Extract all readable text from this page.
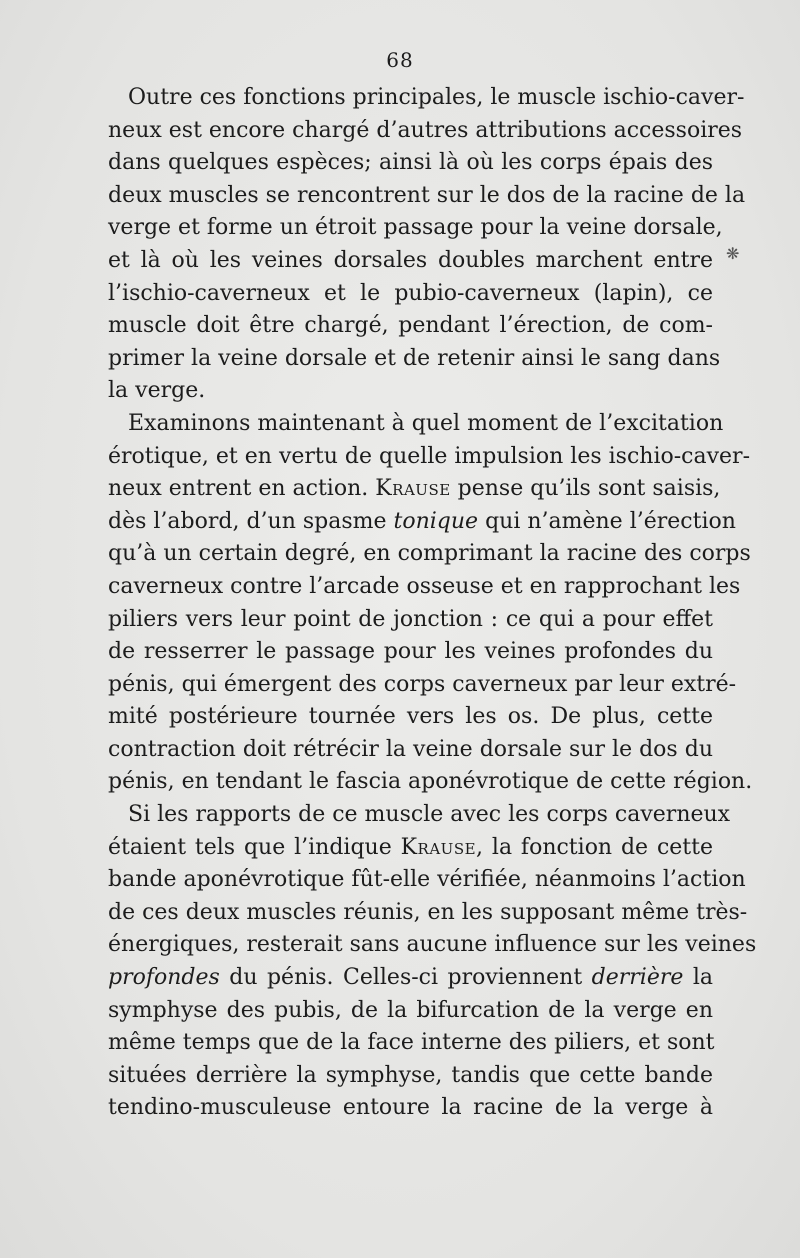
68
❋
Outre ces fonctions principales, le muscle ischio-caver-
neux est encore chargé d’autres attributions accessoires
dans quelques espèces; ainsi là où les corps épais des
deux muscles se rencontrent sur le dos de la racine de la
verge et forme un étroit passage pour la veine dorsale,
et là où les veines dorsales doubles marchent entre
l’ischio-caverneux et le pubio-caverneux (lapin), ce
muscle doit être chargé, pendant l’érection, de com-
primer la veine dorsale et de retenir ainsi le sang dans
la verge.
Examinons maintenant à quel moment de l’excitation
érotique, et en vertu de quelle impulsion les ischio-caver-
neux entrent en action. Krause pense qu’ils sont saisis,
dès l’abord, d’un spasme tonique qui n’amène l’érection
qu’à un certain degré, en comprimant la racine des corps
caverneux contre l’arcade osseuse et en rapprochant les
piliers vers leur point de jonction : ce qui a pour effet
de resserrer le passage pour les veines profondes du
pénis, qui émergent des corps caverneux par leur extré-
mité postérieure tournée vers les os. De plus, cette
contraction doit rétrécir la veine dorsale sur le dos du
pénis, en tendant le fascia aponévrotique de cette région.
Si les rapports de ce muscle avec les corps caverneux
étaient tels que l’indique Krause, la fonction de cette
bande aponévrotique fût-elle vérifiée, néanmoins l’action
de ces deux muscles réunis, en les supposant même très-
énergiques, resterait sans aucune influence sur les veines
profondes du pénis. Celles-ci proviennent derrière la
symphyse des pubis, de la bifurcation de la verge en
même temps que de la face interne des piliers, et sont
situées derrière la symphyse, tandis que cette bande
tendino-musculeuse entoure la racine de la verge à
